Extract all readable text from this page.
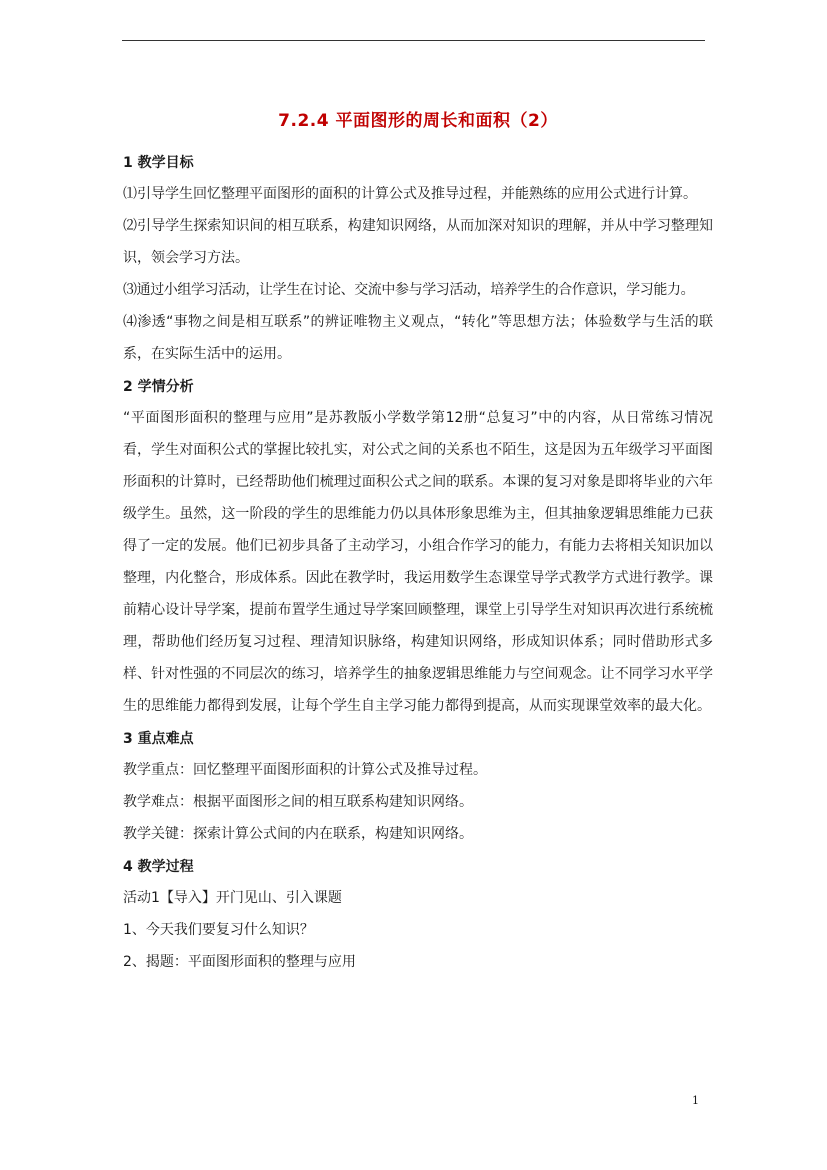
7.2.4 平面图形的周长和面积（2）
1 教学目标

⑴引导学生回忆整理平面图形的面积的计算公式及推导过程，并能熟练的应用公式进行计算。

⑵引导学生探索知识间的相互联系，构建知识网络，从而加深对知识的理解，并从中学习整理知识，领会学习方法。

⑶通过小组学习活动，让学生在讨论、交流中参与学习活动，培养学生的合作意识，学习能力。

⑷渗透“事物之间是相互联系”的辨证唯物主义观点，“转化”等思想方法；体验数学与生活的联系，在实际生活中的运用。

2 学情分析

“平面图形面积的整理与应用”是苏教版小学数学第12册“总复习”中的内容，从日常练习情况看，学生对面积公式的掌握比较扎实，对公式之间的关系也不陌生，这是因为五年级学习平面图形面积的计算时，已经帮助他们梳理过面积公式之间的联系。本课的复习对象是即将毕业的六年级学生。虽然，这一阶段的学生的思维能力仍以具体形象思维为主，但其抽象逻辑思维能力已获得了一定的发展。他们已初步具备了主动学习，小组合作学习的能力，有能力去将相关知识加以整理，内化整合，形成体系。因此在教学时，我运用数学生态课堂导学式教学方式进行教学。课前精心设计导学案，提前布置学生通过导学案回顾整理，课堂上引导学生对知识再次进行系统梳理，帮助他们经历复习过程、理清知识脉络，构建知识网络，形成知识体系；同时借助形式多样、针对性强的不同层次的练习，培养学生的抽象逻辑思维能力与空间观念。让不同学习水平学生的思维能力都得到发展，让每个学生自主学习能力都得到提高，从而实现课堂效率的最大化。

3 重点难点

教学重点：回忆整理平面图形面积的计算公式及推导过程。

教学难点：根据平面图形之间的相互联系构建知识网络。

教学关键：探索计算公式间的内在联系，构建知识网络。

4 教学过程

活动1【导入】开门见山、引入课题

1、今天我们要复习什么知识？

2、揭题：平面图形面积的整理与应用

1
